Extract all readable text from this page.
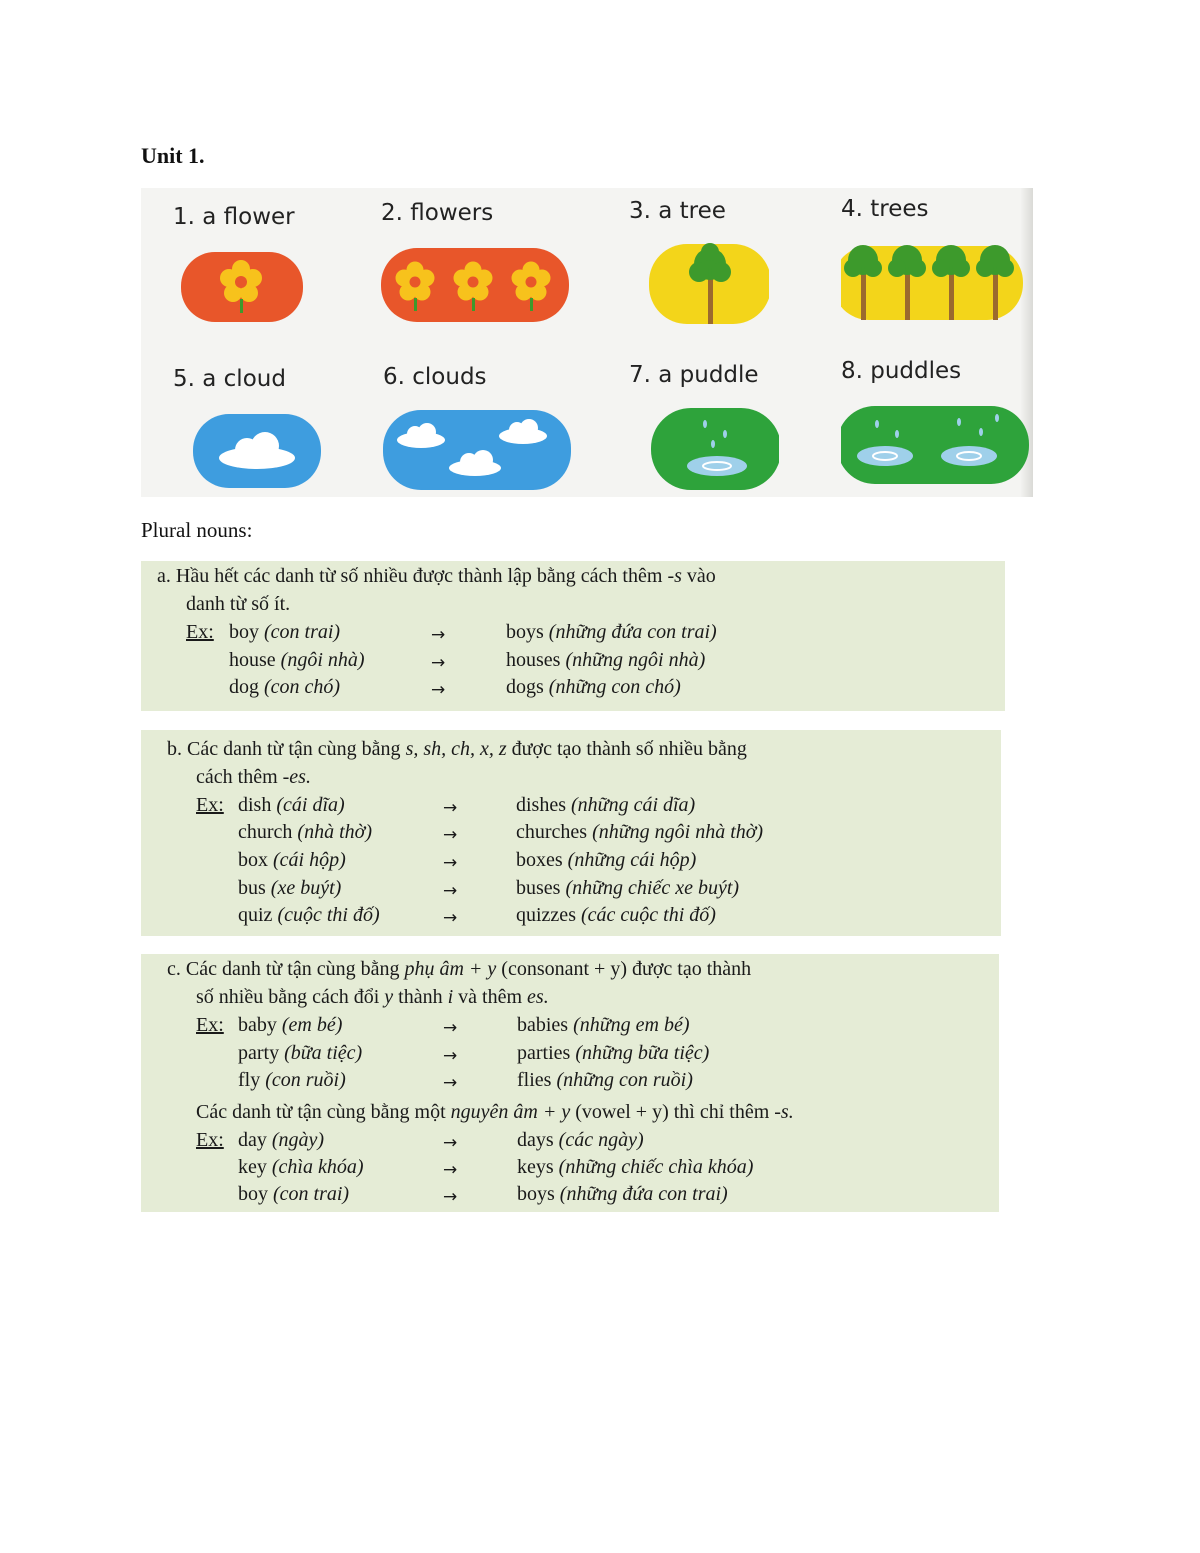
Unit 1.
1. a flower	2. flowers	3. a tree	4. trees
5. a cloud	6. clouds	7. a puddle	8. puddles
Plural nouns:
a. Hầu hết các danh từ số nhiều được thành lập bằng cách thêm -s vào
danh từ số ít.
Ex: boy (con trai)	→	boys (những đứa con trai)
house (ngôi nhà)	→	houses (những ngôi nhà)
dog (con chó)	→	dogs (những con chó)
b. Các danh từ tận cùng bằng s, sh, ch, x, z được tạo thành số nhiều bằng
cách thêm -es.
Ex: dish (cái dĩa)	→	dishes (những cái dĩa)
church (nhà thờ)	→	churches (những ngôi nhà thờ)
box (cái hộp)	→	boxes (những cái hộp)
bus (xe buýt)	→	buses (những chiếc xe buýt)
quiz (cuộc thi đố)	→	quizzes (các cuộc thi đố)
c. Các danh từ tận cùng bằng phụ âm + y (consonant + y) được tạo thành
số nhiều bằng cách đổi y thành i và thêm es.
Ex: baby (em bé)	→	babies (những em bé)
party (bữa tiệc)	→	parties (những bữa tiệc)
fly (con ruồi)	→	flies (những con ruồi)
Các danh từ tận cùng bằng một nguyên âm + y (vowel + y) thì chỉ thêm -s.
Ex: day (ngày)	→	days (các ngày)
key (chìa khóa)	→	keys (những chiếc chìa khóa)
boy (con trai)	→	boys (những đứa con trai)
